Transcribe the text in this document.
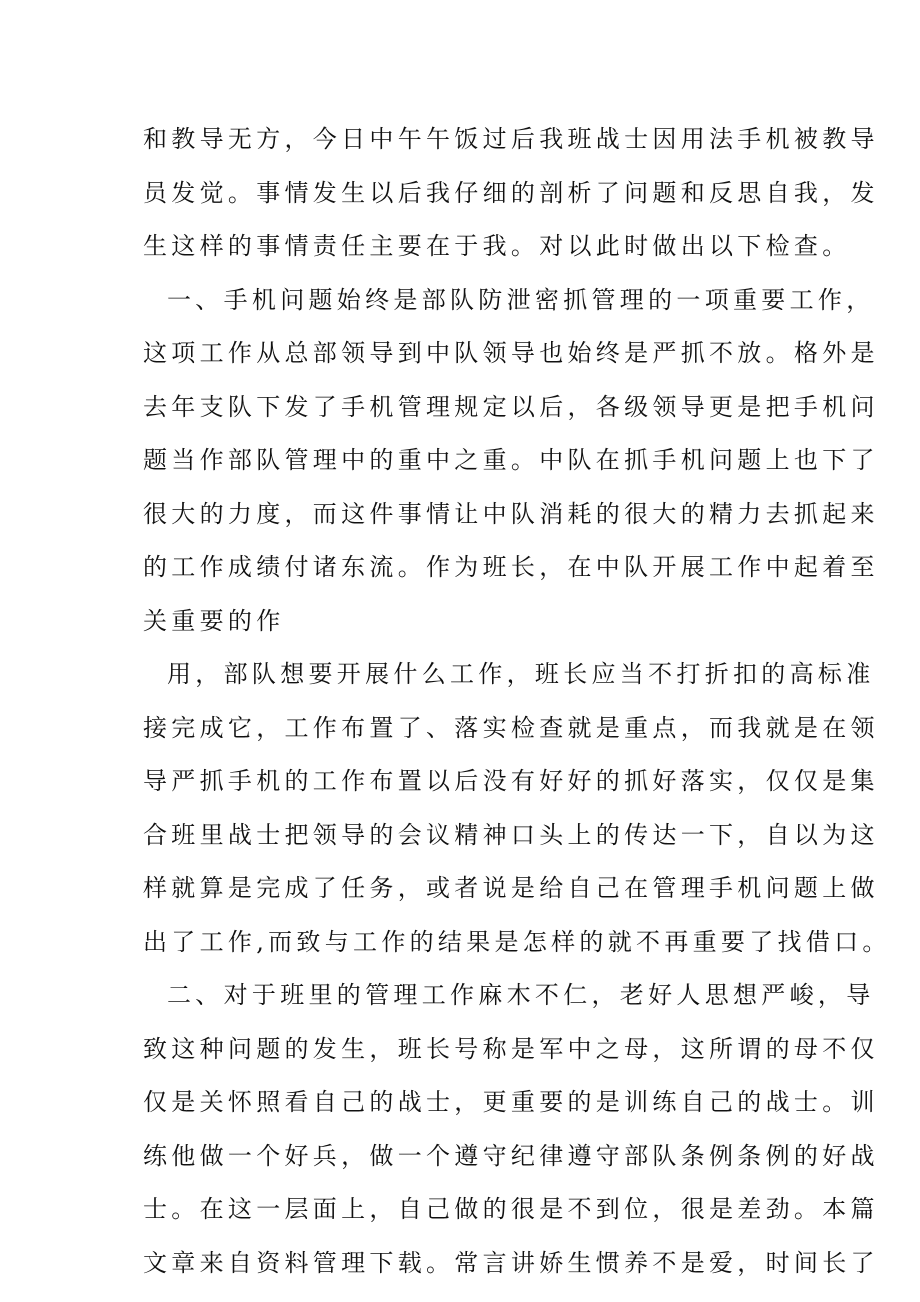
和教导无方，今日中午午饭过后我班战士因用法手机被教导
员发觉。事情发生以后我仔细的剖析了问题和反思自我，发
生这样的事情责任主要在于我。对以此时做出以下检查。
一、手机问题始终是部队防泄密抓管理的一项重要工作，
这项工作从总部领导到中队领导也始终是严抓不放。格外是
去年支队下发了手机管理规定以后，各级领导更是把手机问
题当作部队管理中的重中之重。中队在抓手机问题上也下了
很大的力度，而这件事情让中队消耗的很大的精力去抓起来
的工作成绩付诸东流。作为班长，在中队开展工作中起着至
关重要的作
用，部队想要开展什么工作，班长应当不打折扣的高标准
接完成它，工作布置了、落实检查就是重点，而我就是在领
导严抓手机的工作布置以后没有好好的抓好落实，仅仅是集
合班里战士把领导的会议精神口头上的传达一下，自以为这
样就算是完成了任务，或者说是给自己在管理手机问题上做
出了工作,而致与工作的结果是怎样的就不再重要了找借口。
二、对于班里的管理工作麻木不仁，老好人思想严峻，导
致这种问题的发生，班长号称是军中之母，这所谓的母不仅
仅是关怀照看自己的战士，更重要的是训练自己的战士。训
练他做一个好兵，做一个遵守纪律遵守部队条例条例的好战
士。在这一层面上，自己做的很是不到位，很是差劲。本篇
文章来自资料管理下载。常言讲娇生惯养不是爱，时间长了
